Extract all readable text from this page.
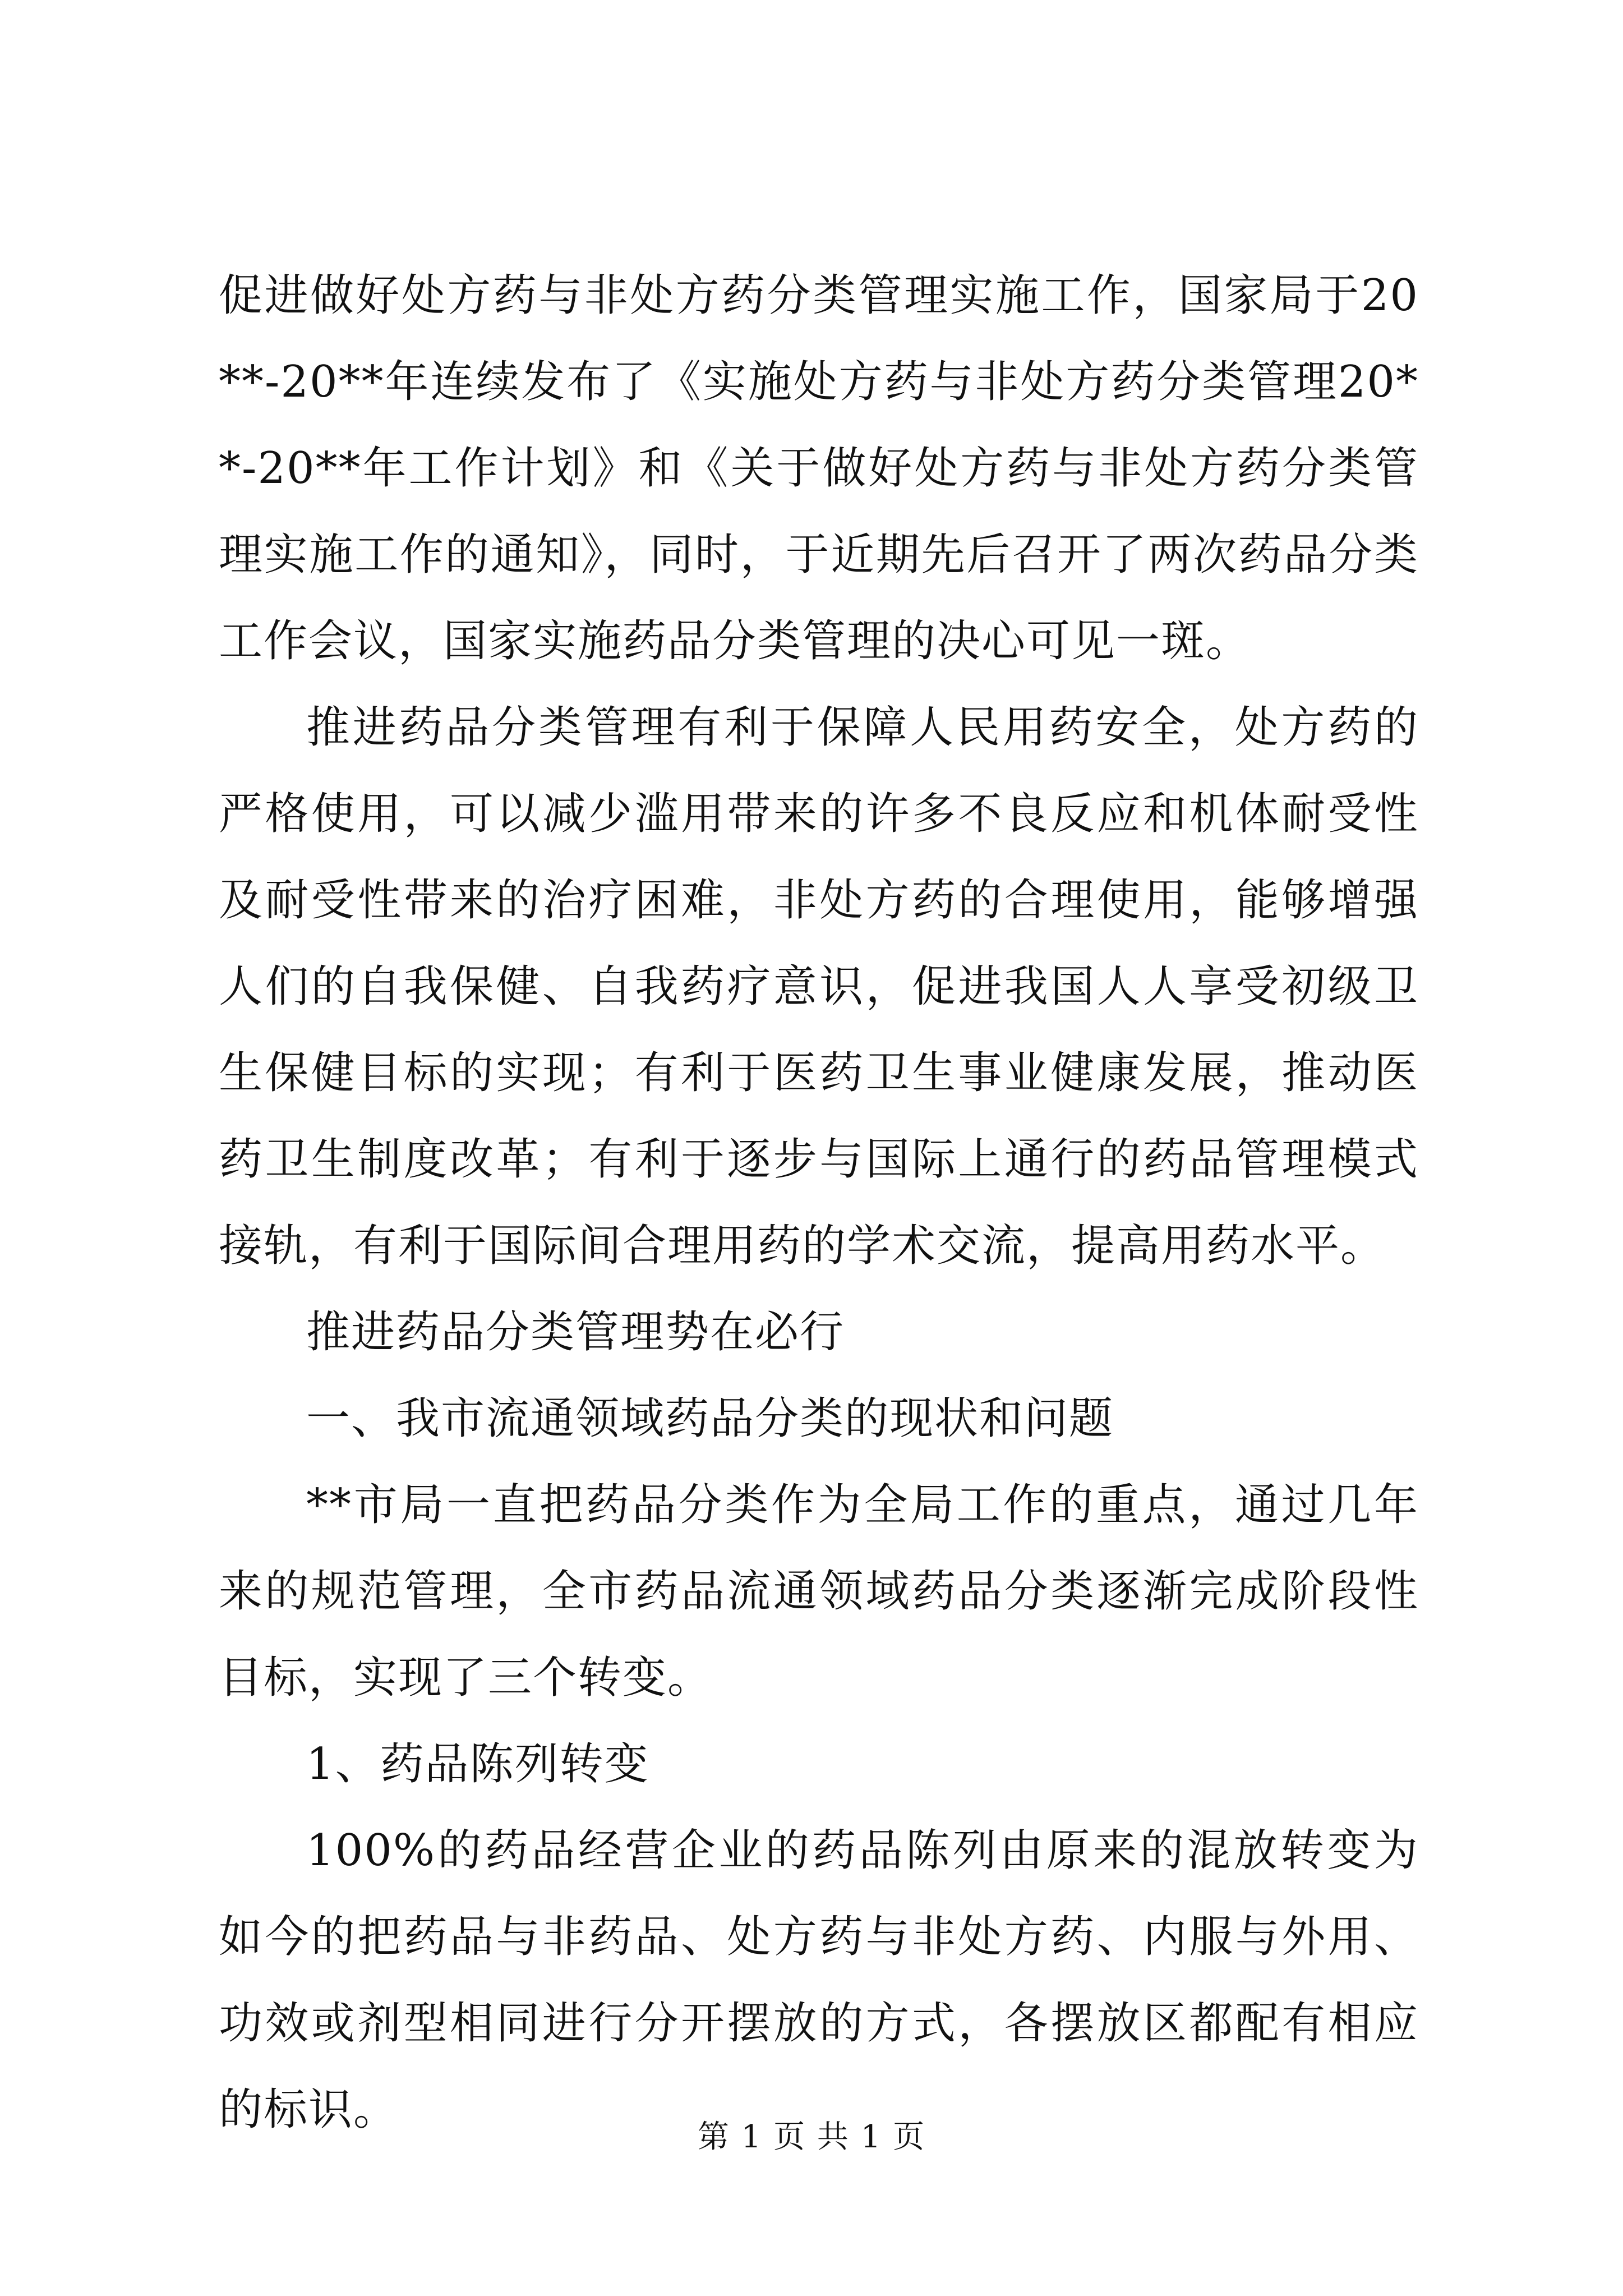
促进做好处方药与非处方药分类管理实施工作，国家局于20**-20**年连续发布了《实施处方药与非处方药分类管理20**-20**年工作计划》和《关于做好处方药与非处方药分类管理实施工作的通知》，同时，于近期先后召开了两次药品分类工作会议，国家实施药品分类管理的决心可见一斑。

推进药品分类管理有利于保障人民用药安全，处方药的严格使用，可以减少滥用带来的许多不良反应和机体耐受性及耐受性带来的治疗困难，非处方药的合理使用，能够增强人们的自我保健、自我药疗意识，促进我国人人享受初级卫生保健目标的实现；有利于医药卫生事业健康发展，推动医药卫生制度改革；有利于逐步与国际上通行的药品管理模式接轨，有利于国际间合理用药的学术交流，提高用药水平。

推进药品分类管理势在必行

一、我市流通领域药品分类的现状和问题

**市局一直把药品分类作为全局工作的重点，通过几年来的规范管理，全市药品流通领域药品分类逐渐完成阶段性目标，实现了三个转变。

1、药品陈列转变

100%的药品经营企业的药品陈列由原来的混放转变为如今的把药品与非药品、处方药与非处方药、内服与外用、功效或剂型相同进行分开摆放的方式，各摆放区都配有相应的标识。

第 1 页 共 1 页
